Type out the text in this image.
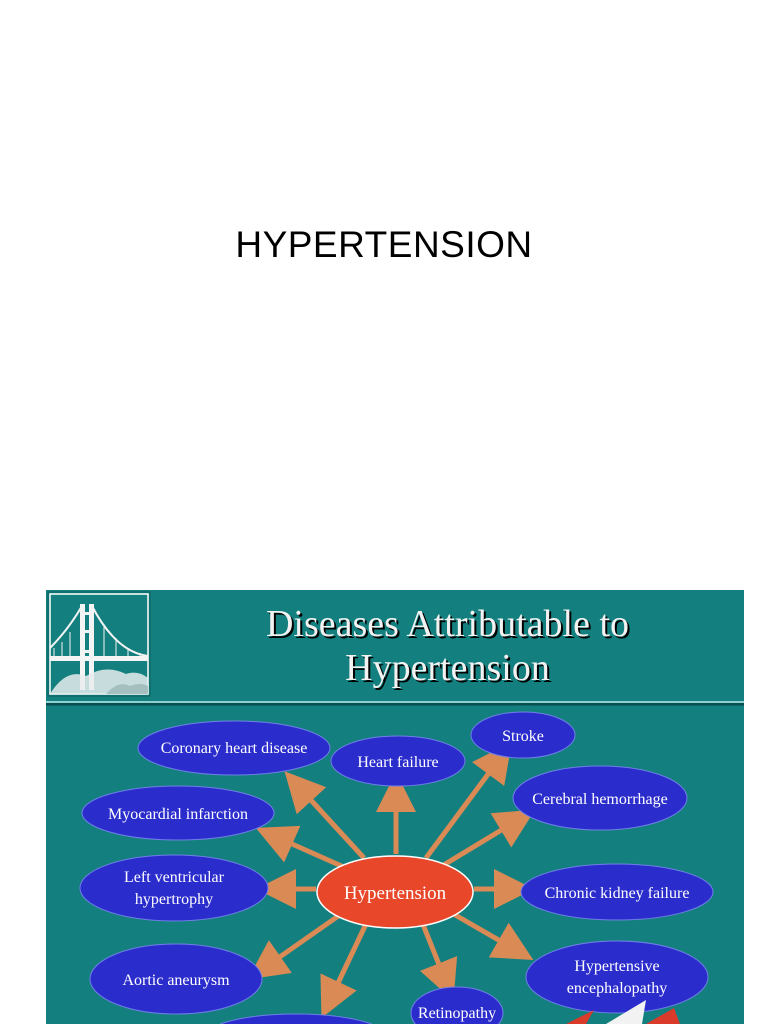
HYPERTENSION
Coronary heart disease
Heart failure
Stroke
Myocardial infarction
Cerebral hemorrhage
Left ventricular
hypertrophy	Hypertension	Chronic kidney failure
Aortic aneurysm
Hypertensive
encephalopathy
Retinopathy
Diseases Attributable to
Hypertension
